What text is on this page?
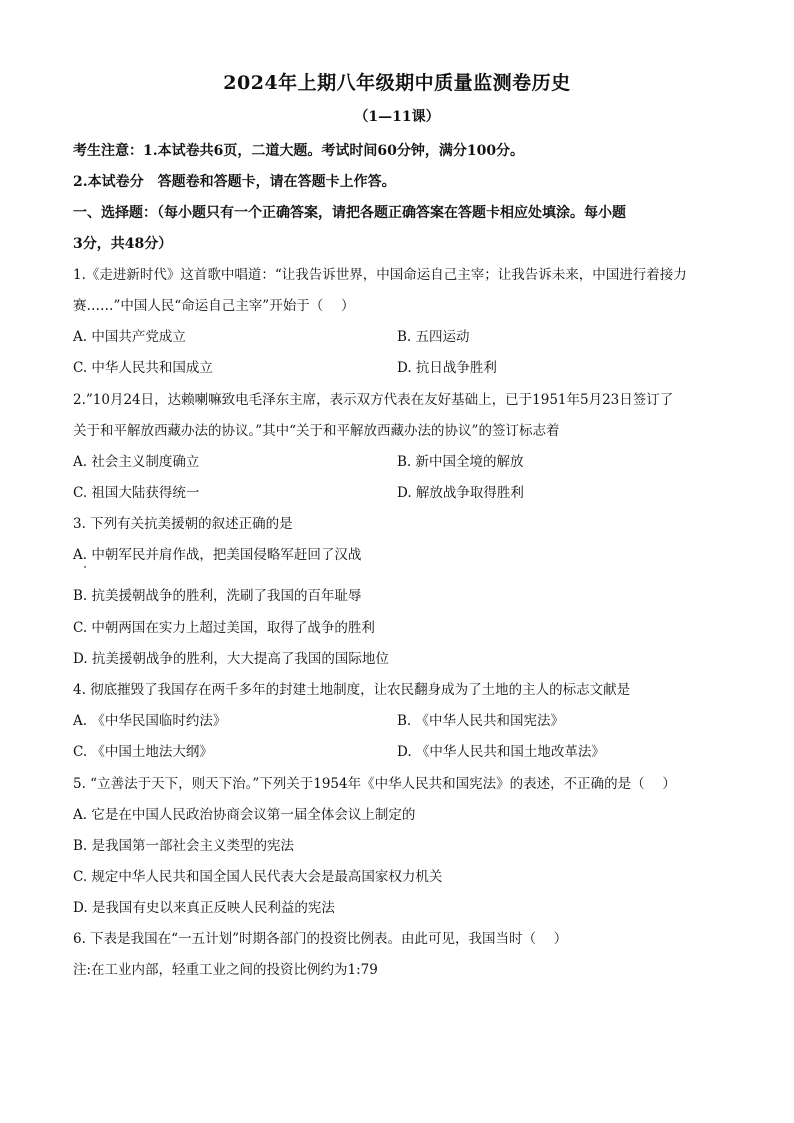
2024年上期八年级期中质量监测卷历史
（1—11课）
考生注意：1.本试卷共6页，二道大题。考试时间60分钟，满分100分。
2.本试卷分　答题卷和答题卡，请在答题卡上作答。
一、选择题：（每小题只有一个正确答案，请把各题正确答案在答题卡相应处填涂。每小题
3分，共48分）
1.《走进新时代》这首歌中唱道：“让我告诉世界，中国命运自己主宰；让我告诉未来，中国进行着接力
赛……”中国人民“命运自己主宰”开始于（　 ）
A. 中国共产党成立	B. 五四运动
C. 中华人民共和国成立	D. 抗日战争胜利
2.”10月24日，达赖喇嘛致电毛泽东主席，表示双方代表在友好基础上，已于1951年5月23日签订了
关于和平解放西藏办法的协议。”其中“关于和平解放西藏办法的协议”的签订标志着
A. 社会主义制度确立	B. 新中国全境的解放
C. 祖国大陆获得统一	D. 解放战争取得胜利
3. 下列有关抗美援朝的叙述正确的是
A. 中朝军民并肩作战，把美国侵略军赶回了汉战
B. 抗美援朝战争的胜利，洗刷了我国的百年耻辱
C. 中朝两国在实力上超过美国，取得了战争的胜利
D. 抗美援朝战争的胜利，大大提高了我国的国际地位
4. 彻底摧毁了我国存在两千多年的封建土地制度，让农民翻身成为了土地的主人的标志文献是
A. 《中华民国临时约法》	B. 《中华人民共和国宪法》
C. 《中国土地法大纲》	D. 《中华人民共和国土地改革法》
5. “立善法于天下，则天下治。”下列关于1954年《中华人民共和国宪法》的表述，不正确的是（　 ）
A. 它是在中国人民政治协商会议第一届全体会议上制定的
B. 是我国第一部社会主义类型的宪法
C. 规定中华人民共和国全国人民代表大会是最高国家权力机关
D. 是我国有史以来真正反映人民利益的宪法
6. 下表是我国在“一五计划”时期各部门的投资比例表。由此可见，我国当时（　 ）
注:在工业内部，轻重工业之间的投资比例约为1:79
